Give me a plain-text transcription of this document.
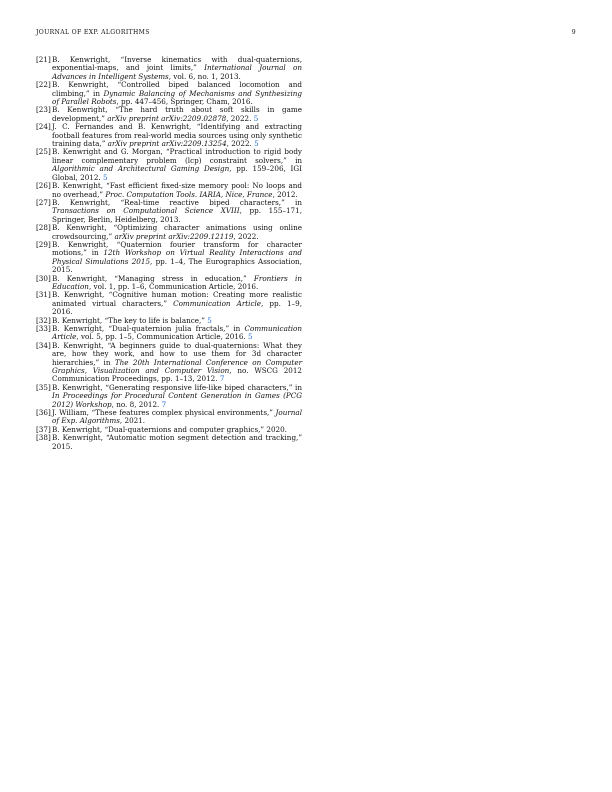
JOURNAL OF EXP. ALGORITHMS	9
[21] B. Kenwright, “Inverse kinematics with dual-quaternions, exponential-maps, and joint limits,” International Journal on Advances in Intelligent Systems, vol. 6, no. 1, 2013.
[22] B. Kenwright, “Controlled biped balanced locomotion and climbing,” in Dynamic Balancing of Mechanisms and Synthesizing of Parallel Robots, pp. 447–456, Springer, Cham, 2016.
[23] B. Kenwright, “The hard truth about soft skills in game development,” arXiv preprint arXiv:2209.02878, 2022. 5
[24] J. C. Fernandes and B. Kenwright, “Identifying and extracting football features from real-world media sources using only synthetic training data,” arXiv preprint arXiv:2209.13254, 2022. 5
[25] B. Kenwright and G. Morgan, “Practical introduction to rigid body linear complementary problem (lcp) constraint solvers,” in Algorithmic and Architectural Gaming Design, pp. 159–206, IGI Global, 2012. 5
[26] B. Kenwright, “Fast efficient fixed-size memory pool: No loops and no overhead,” Proc. Computation Tools. IARIA, Nice, France, 2012.
[27] B. Kenwright, “Real-time reactive biped characters,” in Transactions on Computational Science XVIII, pp. 155–171, Springer, Berlin, Heidelberg, 2013.
[28] B. Kenwright, “Optimizing character animations using online crowdsourcing,” arXiv preprint arXiv:2209.12119, 2022.
[29] B. Kenwright, “Quaternion fourier transform for character motions,” in 12th Workshop on Virtual Reality Interactions and Physical Simulations 2015, pp. 1–4, The Eurographics Association, 2015.
[30] B. Kenwright, “Managing stress in education,” Frontiers in Education, vol. 1, pp. 1–6, Communication Article, 2016.
[31] B. Kenwright, “Cognitive human motion: Creating more realistic animated virtual characters,” Communication Article, pp. 1–9, 2016.
[32] B. Kenwright, “The key to life is balance,” 5
[33] B. Kenwright, “Dual-quaternion julia fractals,” in Communication Article, vol. 5, pp. 1–5, Communication Article, 2016. 5
[34] B. Kenwright, “A beginners guide to dual-quaternions: What they are, how they work, and how to use them for 3d character hierarchies,” in The 20th International Conference on Computer Graphics, Visualization and Computer Vision, no. WSCG 2012 Communication Proceedings, pp. 1–13, 2012. 7
[35] B. Kenwright, “Generating responsive life-like biped characters,” in In Proceedings for Procedural Content Generation in Games (PCG 2012) Workshop, no. 8, 2012. 7
[36] J. William, “These features complex physical environments,” Journal of Exp. Algorithms, 2021.
[37] B. Kenwright, “Dual-quaternions and computer graphics,” 2020.
[38] B. Kenwright, “Automatic motion segment detection and tracking,” 2015.
